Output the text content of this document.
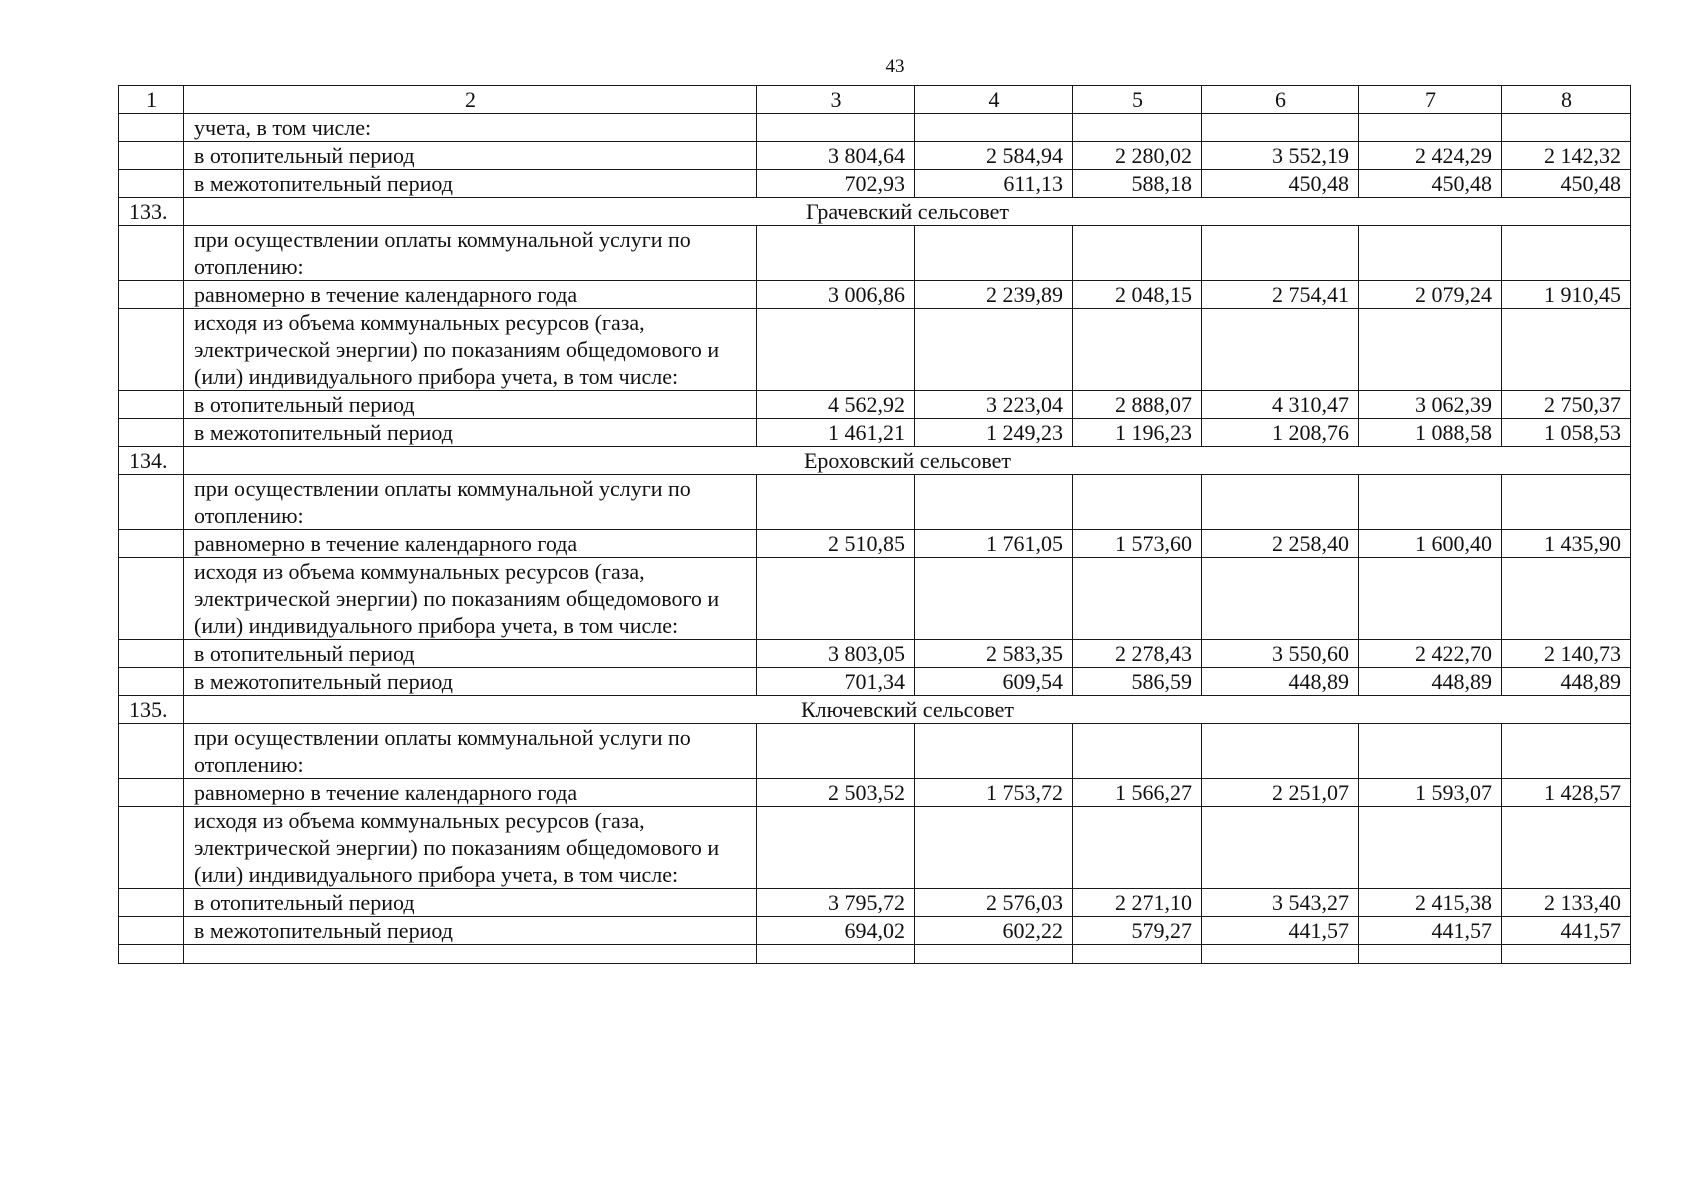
43
1	2	3	4	5	6	7	8
	учета, в том числе:						
	в отопительный период	3 804,64	2 584,94	2 280,02	3 552,19	2 424,29	2 142,32
	в межотопительный период	702,93	611,13	588,18	450,48	450,48	450,48
133.	Грачевский сельсовет						
	при осуществлении оплаты коммунальной услуги по отоплению:						
	равномерно в течение календарного года	3 006,86	2 239,89	2 048,15	2 754,41	2 079,24	1 910,45
	исходя из объема коммунальных ресурсов (газа, электрической энергии) по показаниям общедомового и (или) индивидуального прибора учета, в том числе:						
	в отопительный период	4 562,92	3 223,04	2 888,07	4 310,47	3 062,39	2 750,37
	в межотопительный период	1 461,21	1 249,23	1 196,23	1 208,76	1 088,58	1 058,53
134.	Ероховский сельсовет						
	при осуществлении оплаты коммунальной услуги по отоплению:						
	равномерно в течение календарного года	2 510,85	1 761,05	1 573,60	2 258,40	1 600,40	1 435,90
	исходя из объема коммунальных ресурсов (газа, электрической энергии) по показаниям общедомового и (или) индивидуального прибора учета, в том числе:						
	в отопительный период	3 803,05	2 583,35	2 278,43	3 550,60	2 422,70	2 140,73
	в межотопительный период	701,34	609,54	586,59	448,89	448,89	448,89
135.	Ключевский сельсовет						
	при осуществлении оплаты коммунальной услуги по отоплению:						
	равномерно в течение календарного года	2 503,52	1 753,72	1 566,27	2 251,07	1 593,07	1 428,57
	исходя из объема коммунальных ресурсов (газа, электрической энергии) по показаниям общедомового и (или) индивидуального прибора учета, в том числе:						
	в отопительный период	3 795,72	2 576,03	2 271,10	3 543,27	2 415,38	2 133,40
	в межотопительный период	694,02	602,22	579,27	441,57	441,57	441,57
